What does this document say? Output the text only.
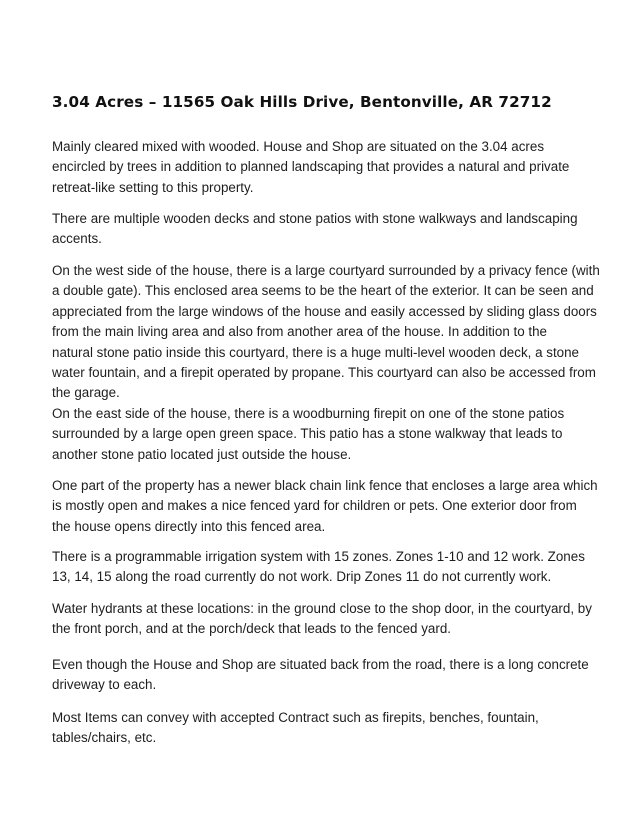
3.04 Acres – 11565 Oak Hills Drive, Bentonville, AR 72712
Mainly cleared mixed with wooded. House and Shop are situated on the 3.04 acres
encircled by trees in addition to planned landscaping that provides a natural and private
retreat-like setting to this property.
There are multiple wooden decks and stone patios with stone walkways and landscaping
accents.
On the west side of the house, there is a large courtyard surrounded by a privacy fence (with
a double gate). This enclosed area seems to be the heart of the exterior. It can be seen and
appreciated from the large windows of the house and easily accessed by sliding glass doors
from the main living area and also from another area of the house. In addition to the
natural stone patio inside this courtyard, there is a huge multi-level wooden deck, a stone
water fountain, and a firepit operated by propane. This courtyard can also be accessed from
the garage.
On the east side of the house, there is a woodburning firepit on one of the stone patios
surrounded by a large open green space. This patio has a stone walkway that leads to
another stone patio located just outside the house.
One part of the property has a newer black chain link fence that encloses a large area which
is mostly open and makes a nice fenced yard for children or pets. One exterior door from
the house opens directly into this fenced area.
There is a programmable irrigation system with 15 zones. Zones 1-10 and 12 work. Zones
13, 14, 15 along the road currently do not work. Drip Zones 11 do not currently work.
Water hydrants at these locations: in the ground close to the shop door, in the courtyard, by
the front porch, and at the porch/deck that leads to the fenced yard.
Even though the House and Shop are situated back from the road, there is a long concrete
driveway to each.
Most Items can convey with accepted Contract such as firepits, benches, fountain,
tables/chairs, etc.
